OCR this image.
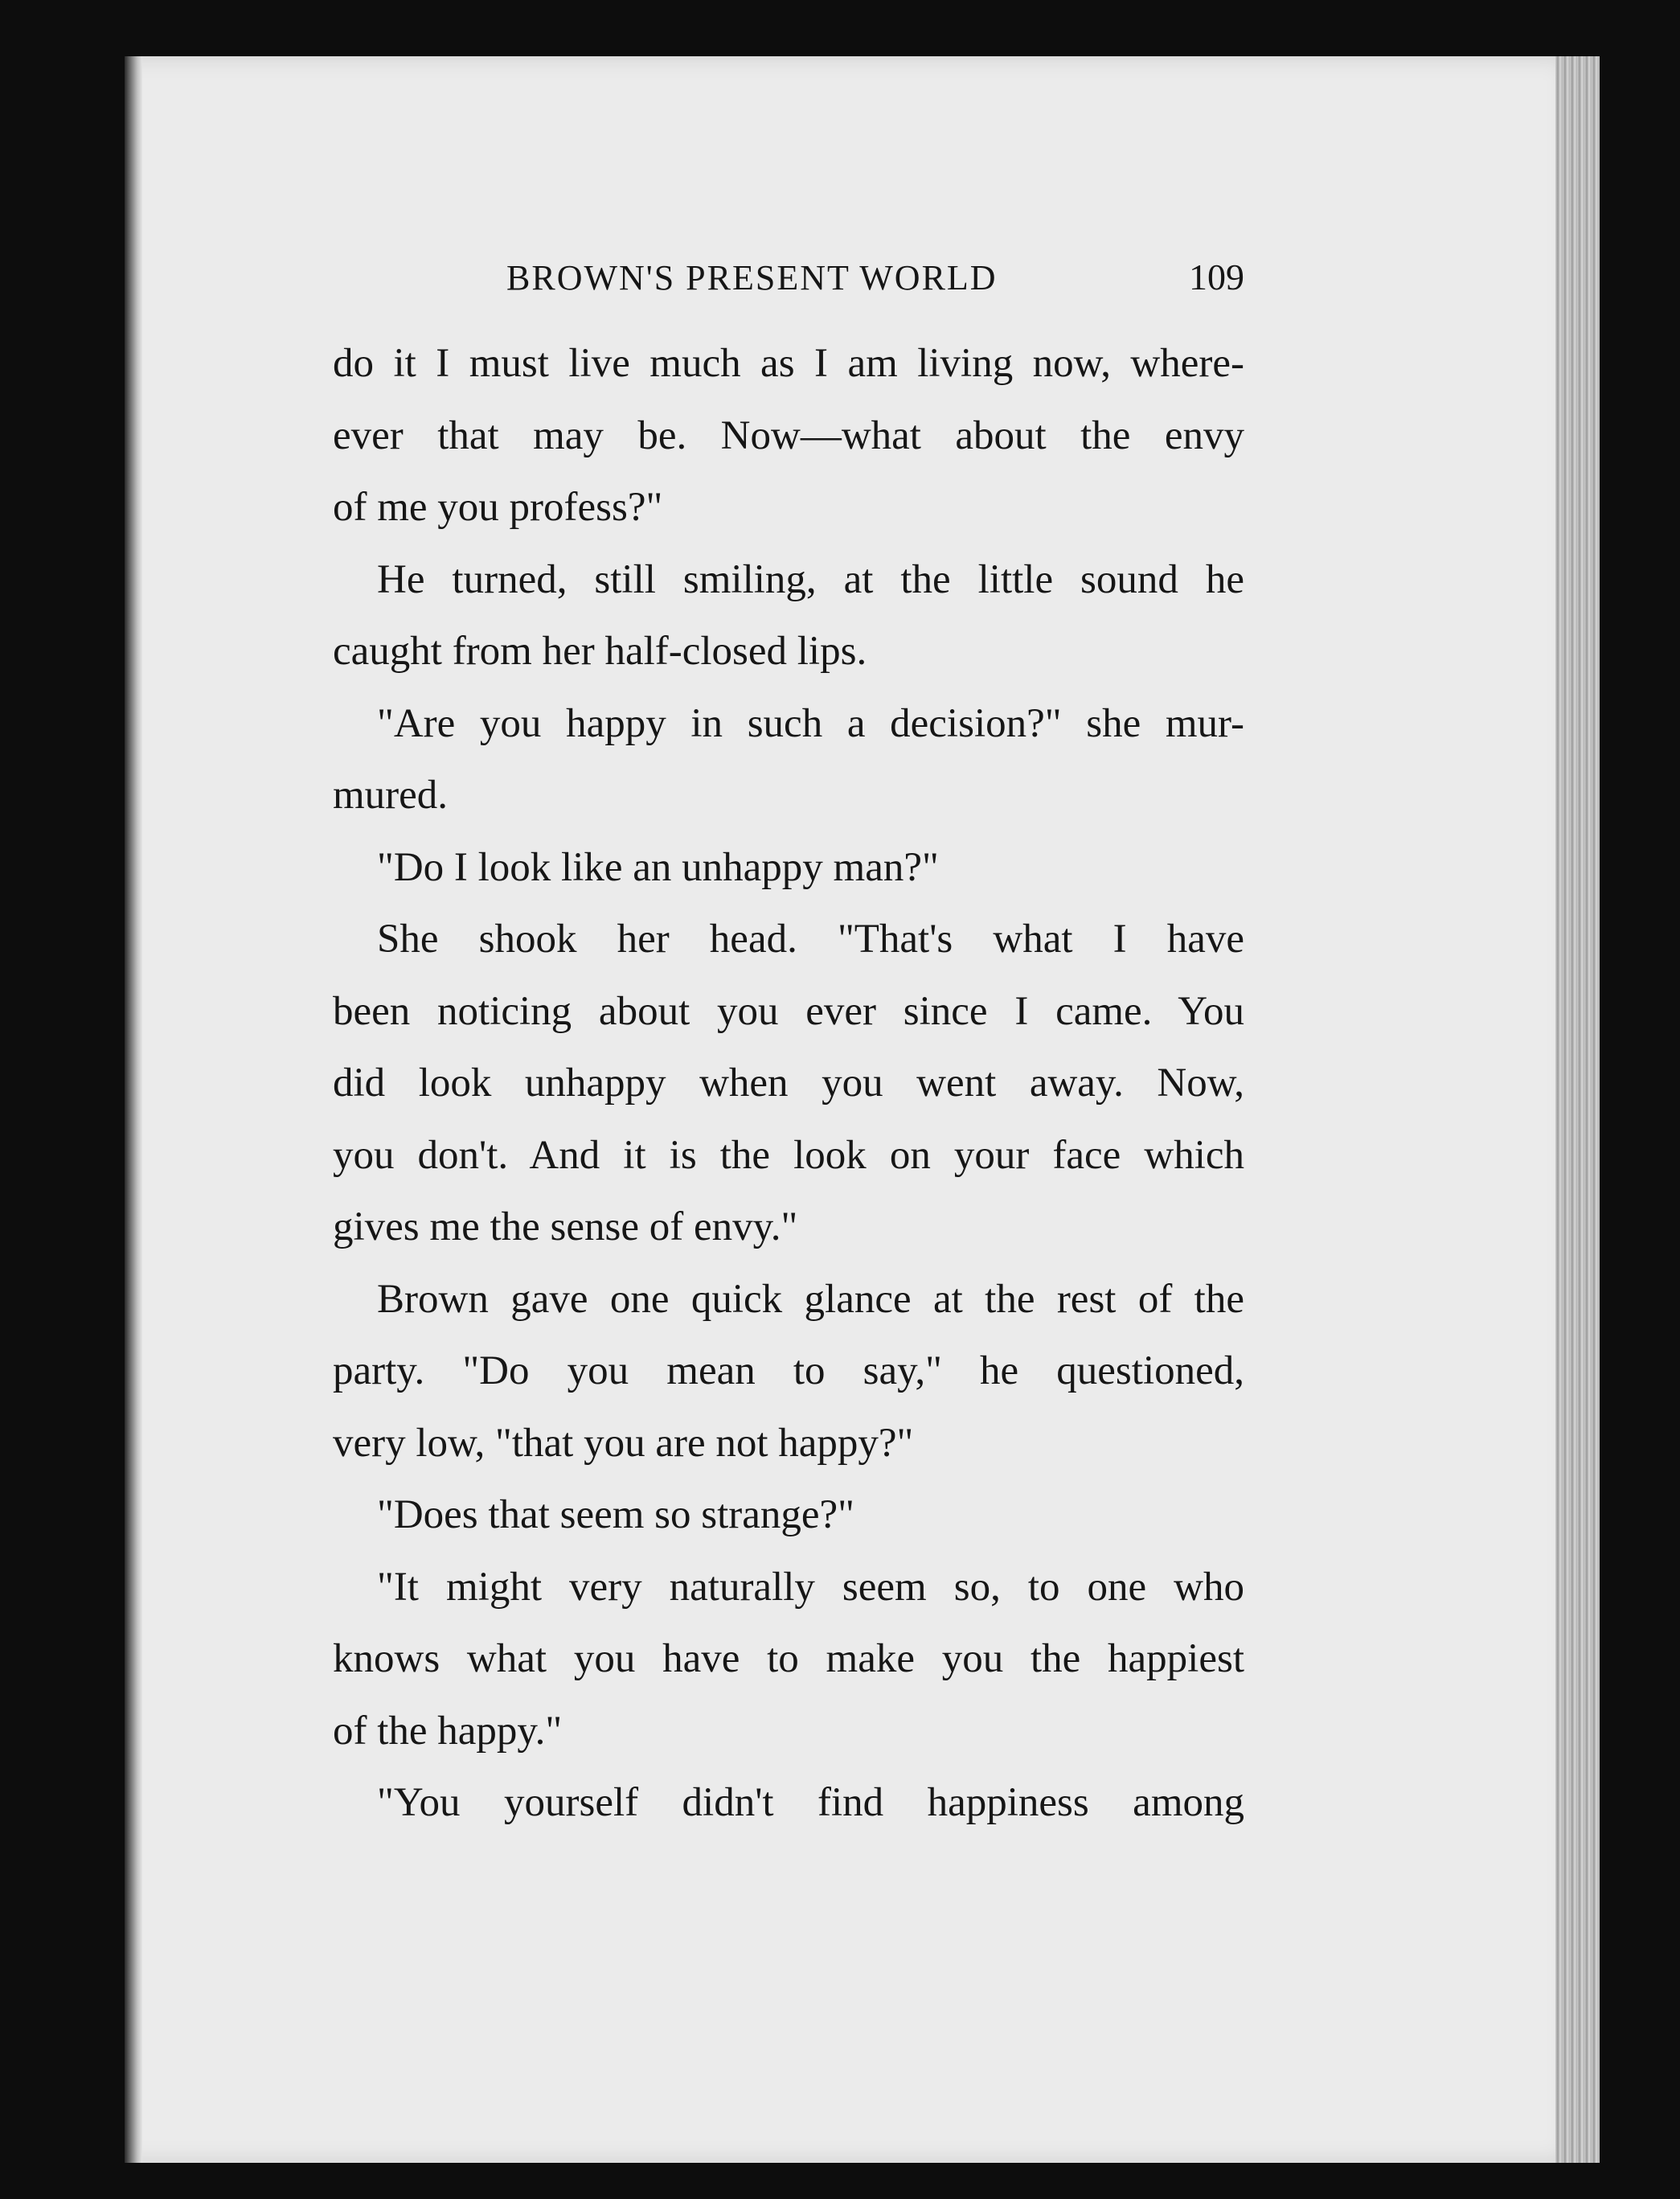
BROWN'S PRESENT WORLD	109
do it I must live much as I am living now, where-
ever that may be. Now—what about the envy
of me you profess?"
He turned, still smiling, at the little sound he
caught from her half-closed lips.
"Are you happy in such a decision?" she mur-
mured.
"Do I look like an unhappy man?"
She shook her head. "That's what I have
been noticing about you ever since I came. You
did look unhappy when you went away. Now,
you don't. And it is the look on your face which
gives me the sense of envy."
Brown gave one quick glance at the rest of the
party. "Do you mean to say," he questioned,
very low, "that you are not happy?"
"Does that seem so strange?"
"It might very naturally seem so, to one who
knows what you have to make you the happiest
of the happy."
"You yourself didn't find happiness among
